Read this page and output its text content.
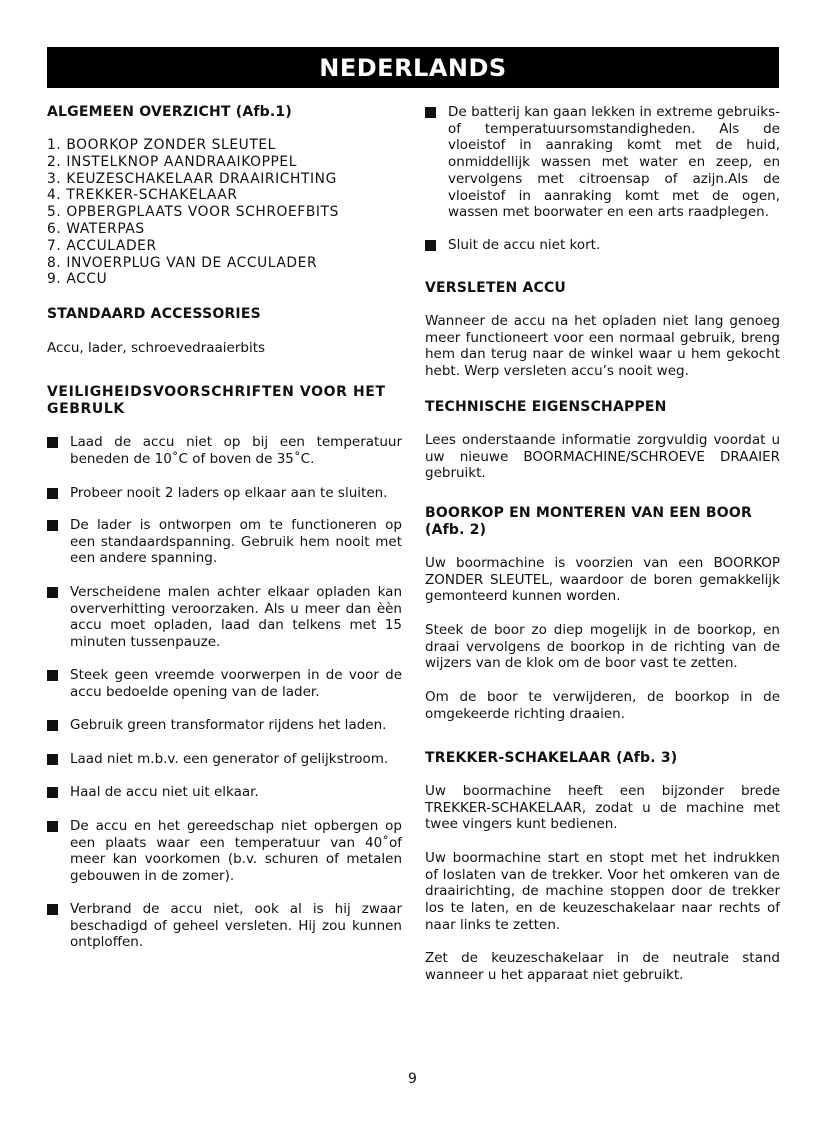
NEDERLANDS
ALGEMEEN OVERZICHT (Afb.1)
1. BOORKOP ZONDER SLEUTEL
2. INSTELKNOP AANDRAAIKOPPEL
3. KEUZESCHAKELAAR DRAAIRICHTING
4. TREKKER-SCHAKELAAR
5. OPBERGPLAATS VOOR SCHROEFBITS
6. WATERPAS
7. ACCULADER
8. INVOERPLUG VAN DE ACCULADER
9. ACCU
STANDAARD ACCESSORIES
Accu, lader, schroevedraaierbits
VEILIGHEIDSVOORSCHRIFTEN VOOR HET GEBRULK
Laad de accu niet op bij een temperatuur beneden de 10˚C of boven de 35˚C.
Probeer nooit 2 laders op elkaar aan te sluiten.
De lader is ontworpen om te functioneren op een standaardspanning. Gebruik hem nooit met een andere spanning.
Verscheidene malen achter elkaar opladen kan oververhitting veroorzaken. Als u meer dan èèn accu moet opladen, laad dan telkens met 15 minuten tussenpauze.
Steek geen vreemde voorwerpen in de voor de accu bedoelde opening van de lader.
Gebruik green transformator rijdens het laden.
Laad niet m.b.v. een generator of gelijkstroom.
Haal de accu niet uit elkaar.
De accu en het gereedschap niet opbergen op een plaats waar een temperatuur van 40˚of meer kan voorkomen (b.v. schuren of metalen gebouwen in de zomer).
Verbrand de accu niet, ook al is hij zwaar beschadigd of geheel versleten. Hij zou kunnen ontploffen.
De batterij kan gaan lekken in extreme gebruiks-of temperatuursomstandigheden. Als de vloeistof in aanraking komt met de huid, onmiddellijk wassen met water en zeep, en vervolgens met citroensap of azijn.Als de vloeistof in aanraking komt met de ogen, wassen met boorwater en een arts raadplegen.
Sluit de accu niet kort.
VERSLETEN ACCU
Wanneer de accu na het opladen niet lang genoeg meer functioneert voor een normaal gebruik, breng hem dan terug naar de winkel waar u hem gekocht hebt. Werp versleten accu’s nooit weg.
TECHNISCHE EIGENSCHAPPEN
Lees onderstaande informatie zorgvuldig voordat u uw nieuwe BOORMACHINE/SCHROEVE DRAAIER gebruikt.
BOORKOP EN MONTEREN VAN EEN BOOR (Afb. 2)
Uw boormachine is voorzien van een BOORKOP ZONDER SLEUTEL, waardoor de boren gemakkelijk gemonteerd kunnen worden.
Steek de boor zo diep mogelijk in de boorkop, en draai vervolgens de boorkop in de richting van de wijzers van de klok om de boor vast te zetten.
Om de boor te verwijderen, de boorkop in de omgekeerde richting draaien.
TREKKER-SCHAKELAAR (Afb. 3)
Uw boormachine heeft een bijzonder brede TREKKER-SCHAKELAAR, zodat u de machine met twee vingers kunt bedienen.
Uw boormachine start en stopt met het indrukken of loslaten van de trekker. Voor het omkeren van de draairichting, de machine stoppen door de trekker los te laten, en de keuzeschakelaar naar rechts of naar links te zetten.
Zet de keuzeschakelaar in de neutrale stand wanneer u het apparaat niet gebruikt.
9
